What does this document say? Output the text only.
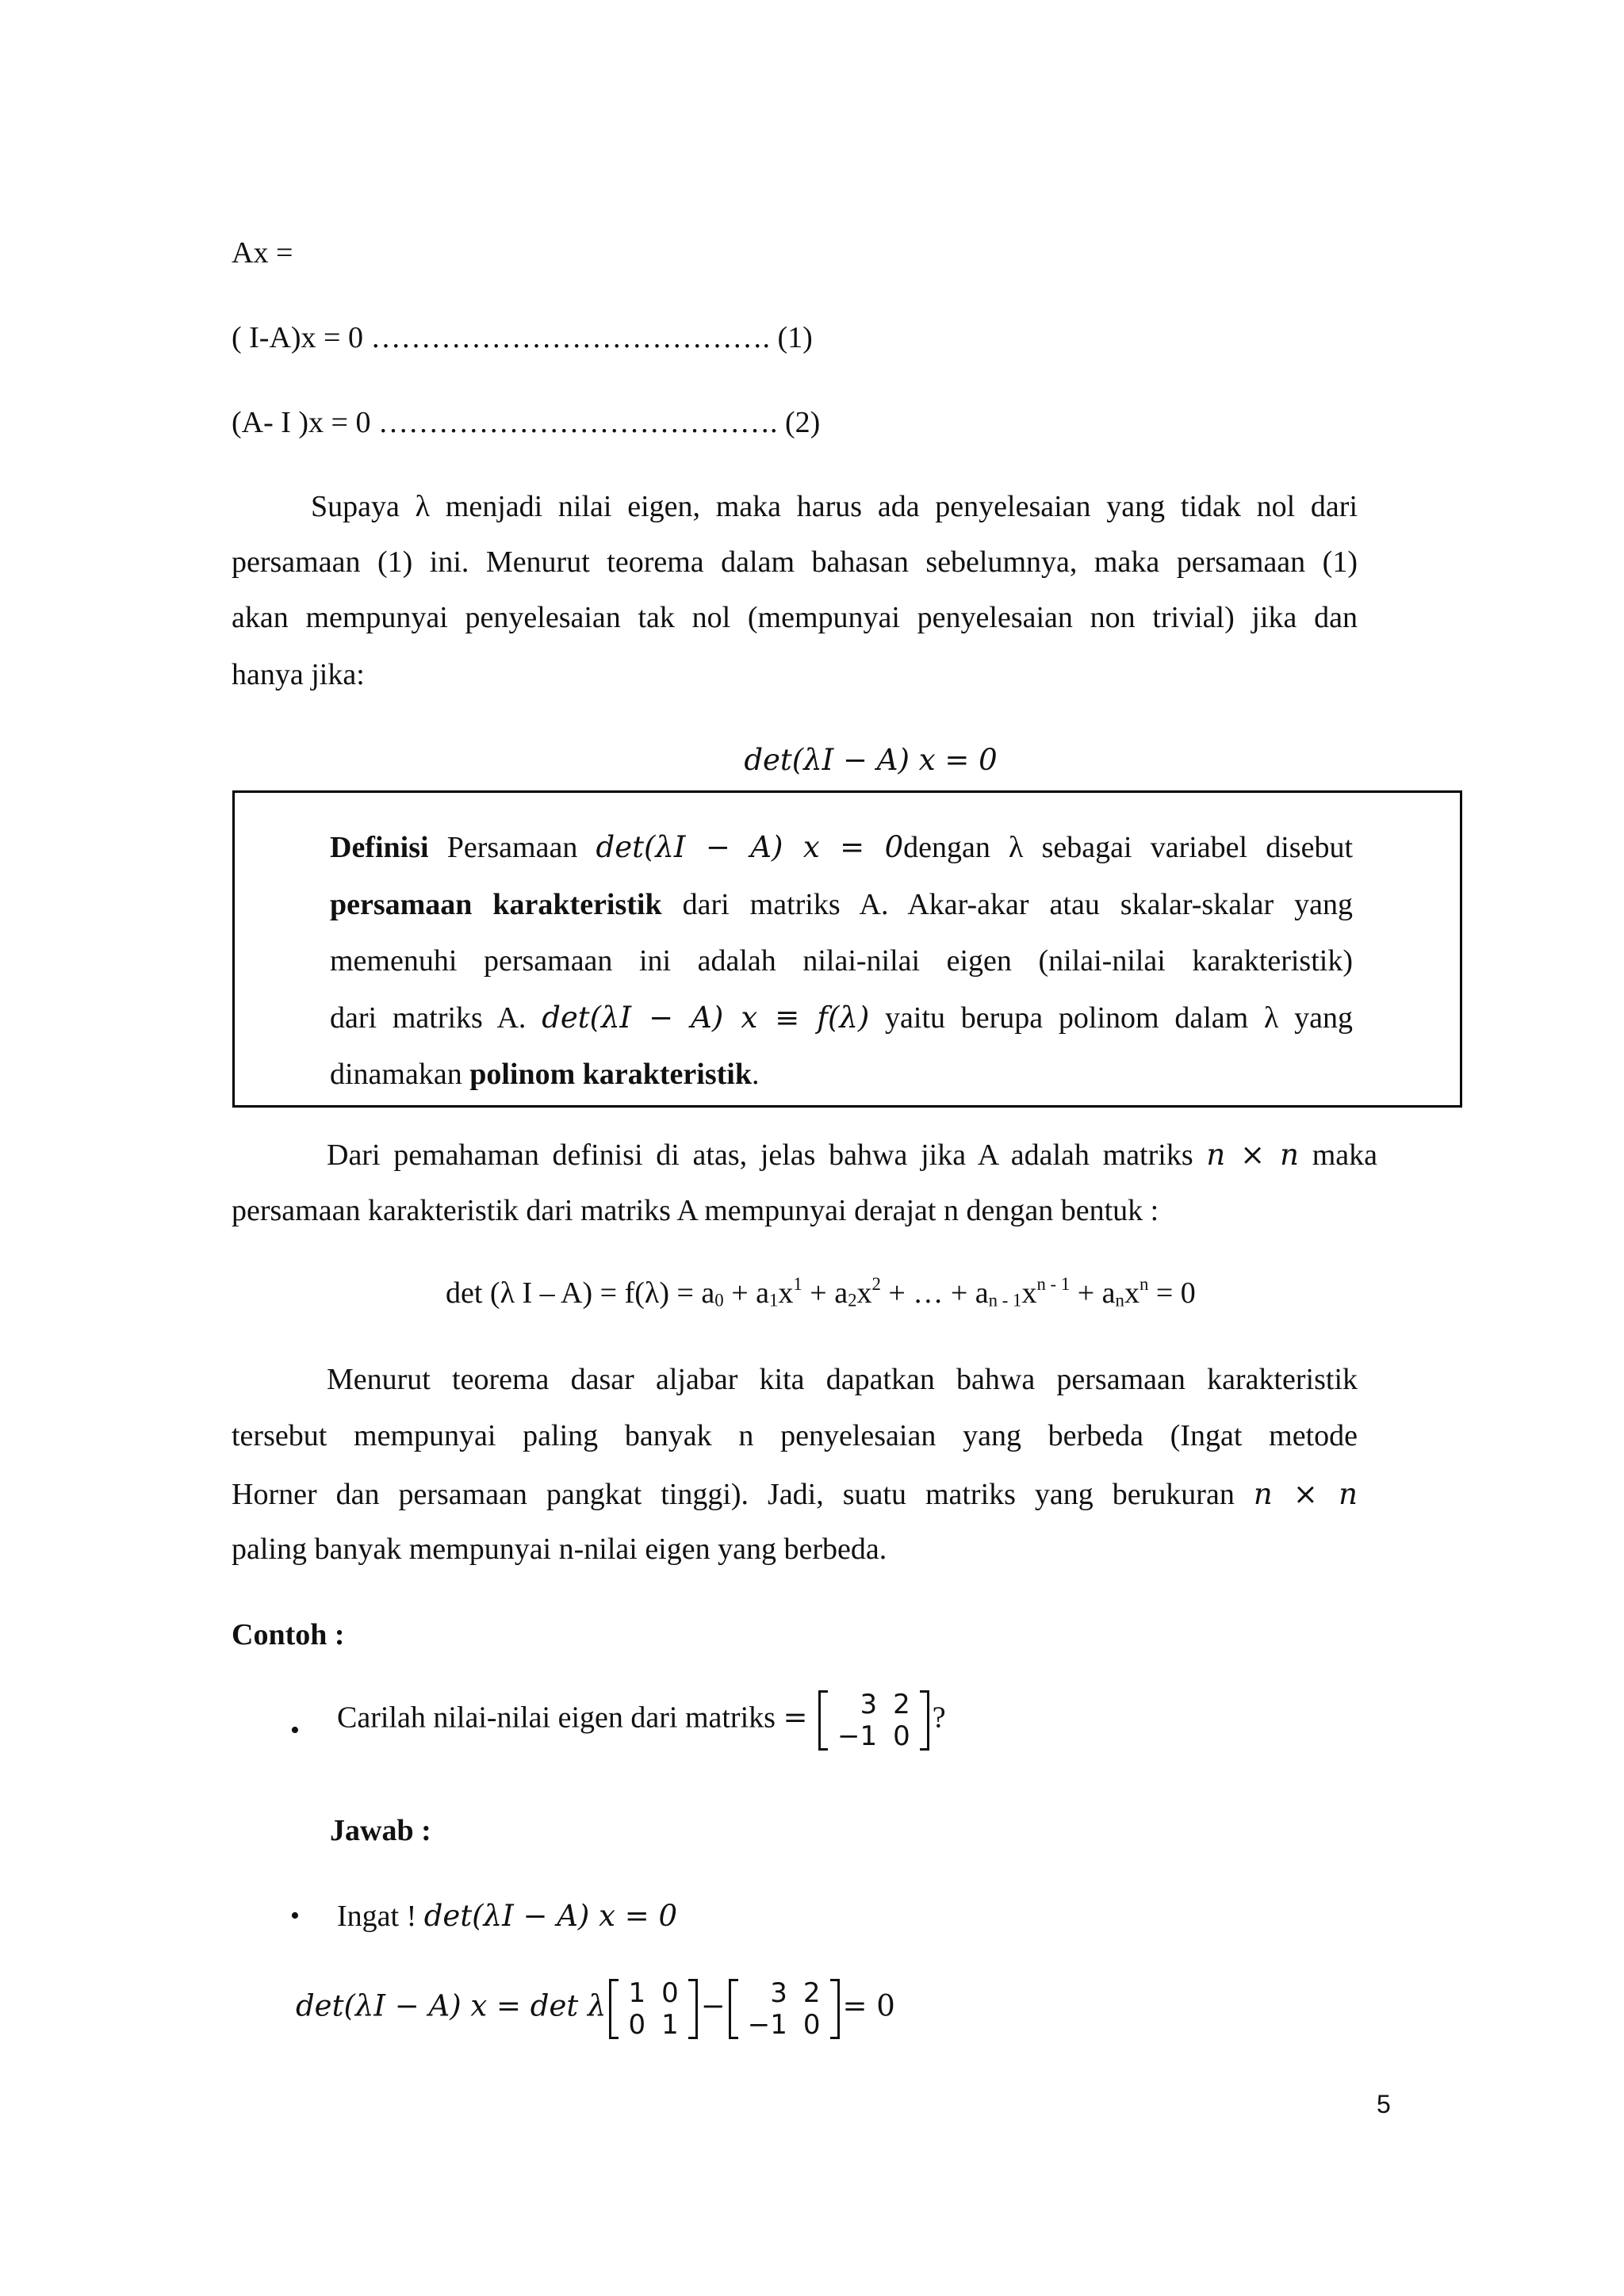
Ax =
( I-A)x = 0 …………………………………. (1)
(A- I )x = 0 …………………………………. (2)
Supaya λ menjadi nilai eigen, maka harus ada penyelesaian yang tidak nol dari
persamaan (1) ini. Menurut teorema dalam bahasan sebelumnya, maka persamaan (1)
akan mempunyai penyelesaian tak nol (mempunyai penyelesaian non trivial) jika dan
hanya jika:
det(λI − A) x = 0
Definisi Persamaan det(λI − A) x = 0dengan λ sebagai variabel disebut
persamaan karakteristik dari matriks A. Akar-akar atau skalar-skalar yang
memenuhi persamaan ini adalah nilai-nilai eigen (nilai-nilai karakteristik)
dari matriks A. det(λI − A) x ≡ f(λ) yaitu berupa polinom dalam λ yang
dinamakan polinom karakteristik.
Dari pemahaman definisi di atas, jelas bahwa jika A adalah matriks n × n maka
persamaan karakteristik dari matriks A mempunyai derajat n dengan bentuk :
det (λ $I - A) = f(\lambda) = a_0 + a_1x^1 + a_2x^2$ + … + $a_{n - 1}x^{n - 1} + a_nx^n = 0$
Menurut teorema dasar aljabar kita dapatkan bahwa persamaan karakteristik
tersebut mempunyai paling banyak n penyelesaian yang berbeda (Ingat metode
Horner dan persamaan pangkat tinggi). Jadi, suatu matriks yang berukuran n × n
paling banyak mempunyai n-nilai eigen yang berbeda.
Contoh :
• Carilah nilai-nilai eigen dari matriks = 3	2
−1	0
?
Jawab :
• Ingat ! det(λI − A) x = 0
det(λI − A) x = det λ 1	0
0	1
− 3	2
−1	0
= 0
5
